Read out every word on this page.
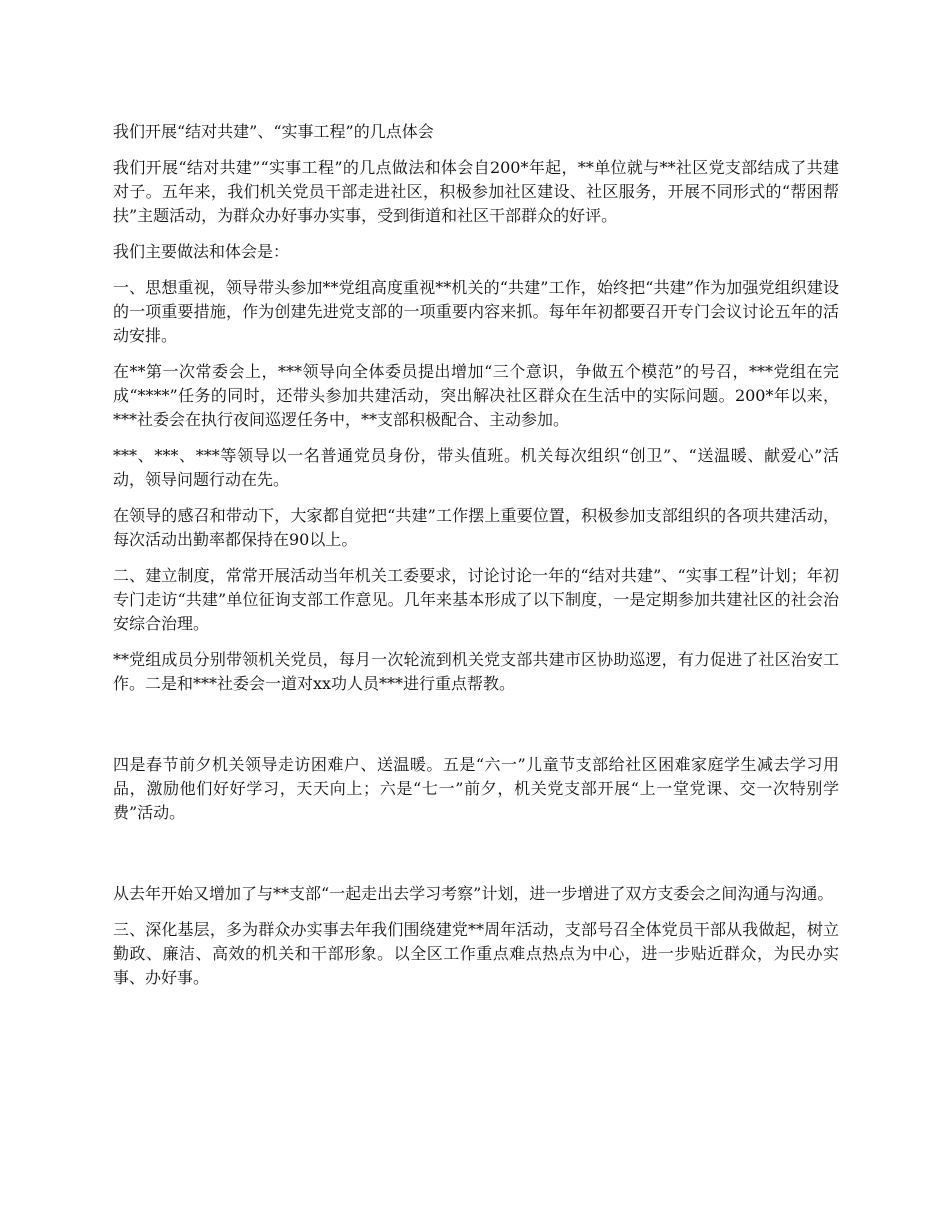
我们开展“结对共建”、“实事工程”的几点体会

我们开展“结对共建”“实事工程”的几点做法和体会自200*年起，**单位就与**社区党支部结成了共建对子。五年来，我们机关党员干部走进社区，积极参加社区建设、社区服务，开展不同形式的“帮困帮扶”主题活动，为群众办好事办实事，受到街道和社区干部群众的好评。

我们主要做法和体会是：

一、思想重视，领导带头参加**党组高度重视**机关的“共建”工作，始终把“共建”作为加强党组织建设的一项重要措施，作为创建先进党支部的一项重要内容来抓。每年年初都要召开专门会议讨论五年的活动安排。

在**第一次常委会上，***领导向全体委员提出增加“三个意识，争做五个模范”的号召，***党组在完成“****”任务的同时，还带头参加共建活动，突出解决社区群众在生活中的实际问题。200*年以来，***社委会在执行夜间巡逻任务中，**支部积极配合、主动参加。

***、***、***等领导以一名普通党员身份，带头值班。机关每次组织“创卫”、“送温暖、献爱心”活动，领导问题行动在先。

在领导的感召和带动下，大家都自觉把“共建”工作摆上重要位置，积极参加支部组织的各项共建活动，每次活动出勤率都保持在90以上。

二、建立制度，常常开展活动当年机关工委要求，讨论讨论一年的“结对共建”、“实事工程”计划；年初专门走访“共建”单位征询支部工作意见。几年来基本形成了以下制度，一是定期参加共建社区的社会治安综合治理。

**党组成员分别带领机关党员，每月一次轮流到机关党支部共建市区协助巡逻，有力促进了社区治安工作。二是和***社委会一道对xx功人员***进行重点帮教。

四是春节前夕机关领导走访困难户、送温暖。五是“六一”儿童节支部给社区困难家庭学生减去学习用品，激励他们好好学习，天天向上；六是“七一”前夕，机关党支部开展“上一堂党课、交一次特别学费”活动。

从去年开始又增加了与**支部“一起走出去学习考察”计划，进一步增进了双方支委会之间沟通与沟通。

三、深化基层，多为群众办实事去年我们围绕建党**周年活动，支部号召全体党员干部从我做起，树立勤政、廉洁、高效的机关和干部形象。以全区工作重点难点热点为中心，进一步贴近群众，为民办实事、办好事。
